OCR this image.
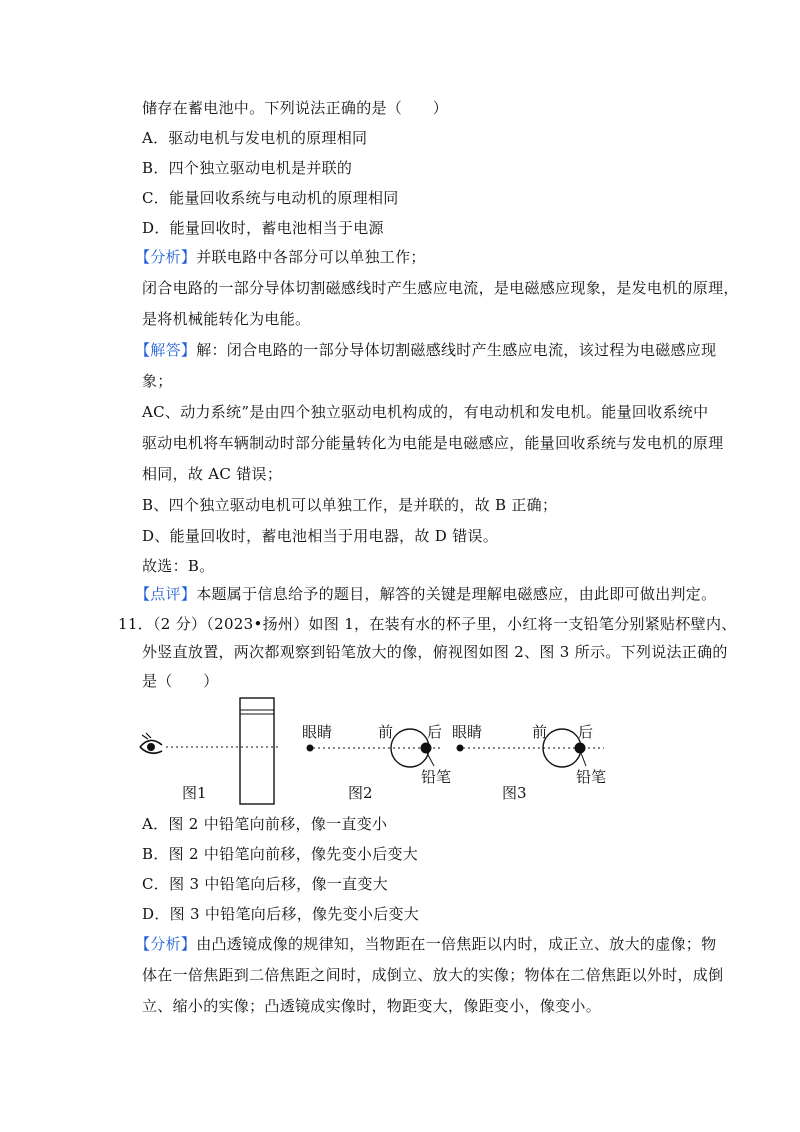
储存在蓄电池中。下列说法正确的是（　　）
A．驱动电机与发电机的原理相同
B．四个独立驱动电机是并联的
C．能量回收系统与电动机的原理相同
D．能量回收时，蓄电池相当于电源
【分析】并联电路中各部分可以单独工作；
闭合电路的一部分导体切割磁感线时产生感应电流，是电磁感应现象，是发电机的原理，
是将机械能转化为电能。
【解答】解：闭合电路的一部分导体切割磁感线时产生感应电流，该过程为电磁感应现
象；
AC、动力系统”是由四个独立驱动电机构成的，有电动机和发电机。能量回收系统中
驱动电机将车辆制动时部分能量转化为电能是电磁感应，能量回收系统与发电机的原理
相同，故 AC 错误；
B、四个独立驱动电机可以单独工作，是并联的，故 B 正确；
D、能量回收时，蓄电池相当于用电器，故 D 错误。
故选：B。
【点评】本题属于信息给予的题目，解答的关键是理解电磁感应，由此即可做出判定。
11．（2 分）（2023•扬州）如图 1，在装有水的杯子里，小红将一支铅笔分别紧贴杯壁内、
外竖直放置，两次都观察到铅笔放大的像，俯视图如图 2、图 3 所示。下列说法正确的
是（　　）
图1
眼睛	前 后
铅笔
图2
眼睛	前 后
铅笔
图3
A．图 2 中铅笔向前移，像一直变小
B．图 2 中铅笔向前移，像先变小后变大
C．图 3 中铅笔向后移，像一直变大
D．图 3 中铅笔向后移，像先变小后变大
【分析】由凸透镜成像的规律知，当物距在一倍焦距以内时，成正立、放大的虚像；物
体在一倍焦距到二倍焦距之间时，成倒立、放大的实像；物体在二倍焦距以外时，成倒
立、缩小的实像；凸透镜成实像时，物距变大，像距变小，像变小。
